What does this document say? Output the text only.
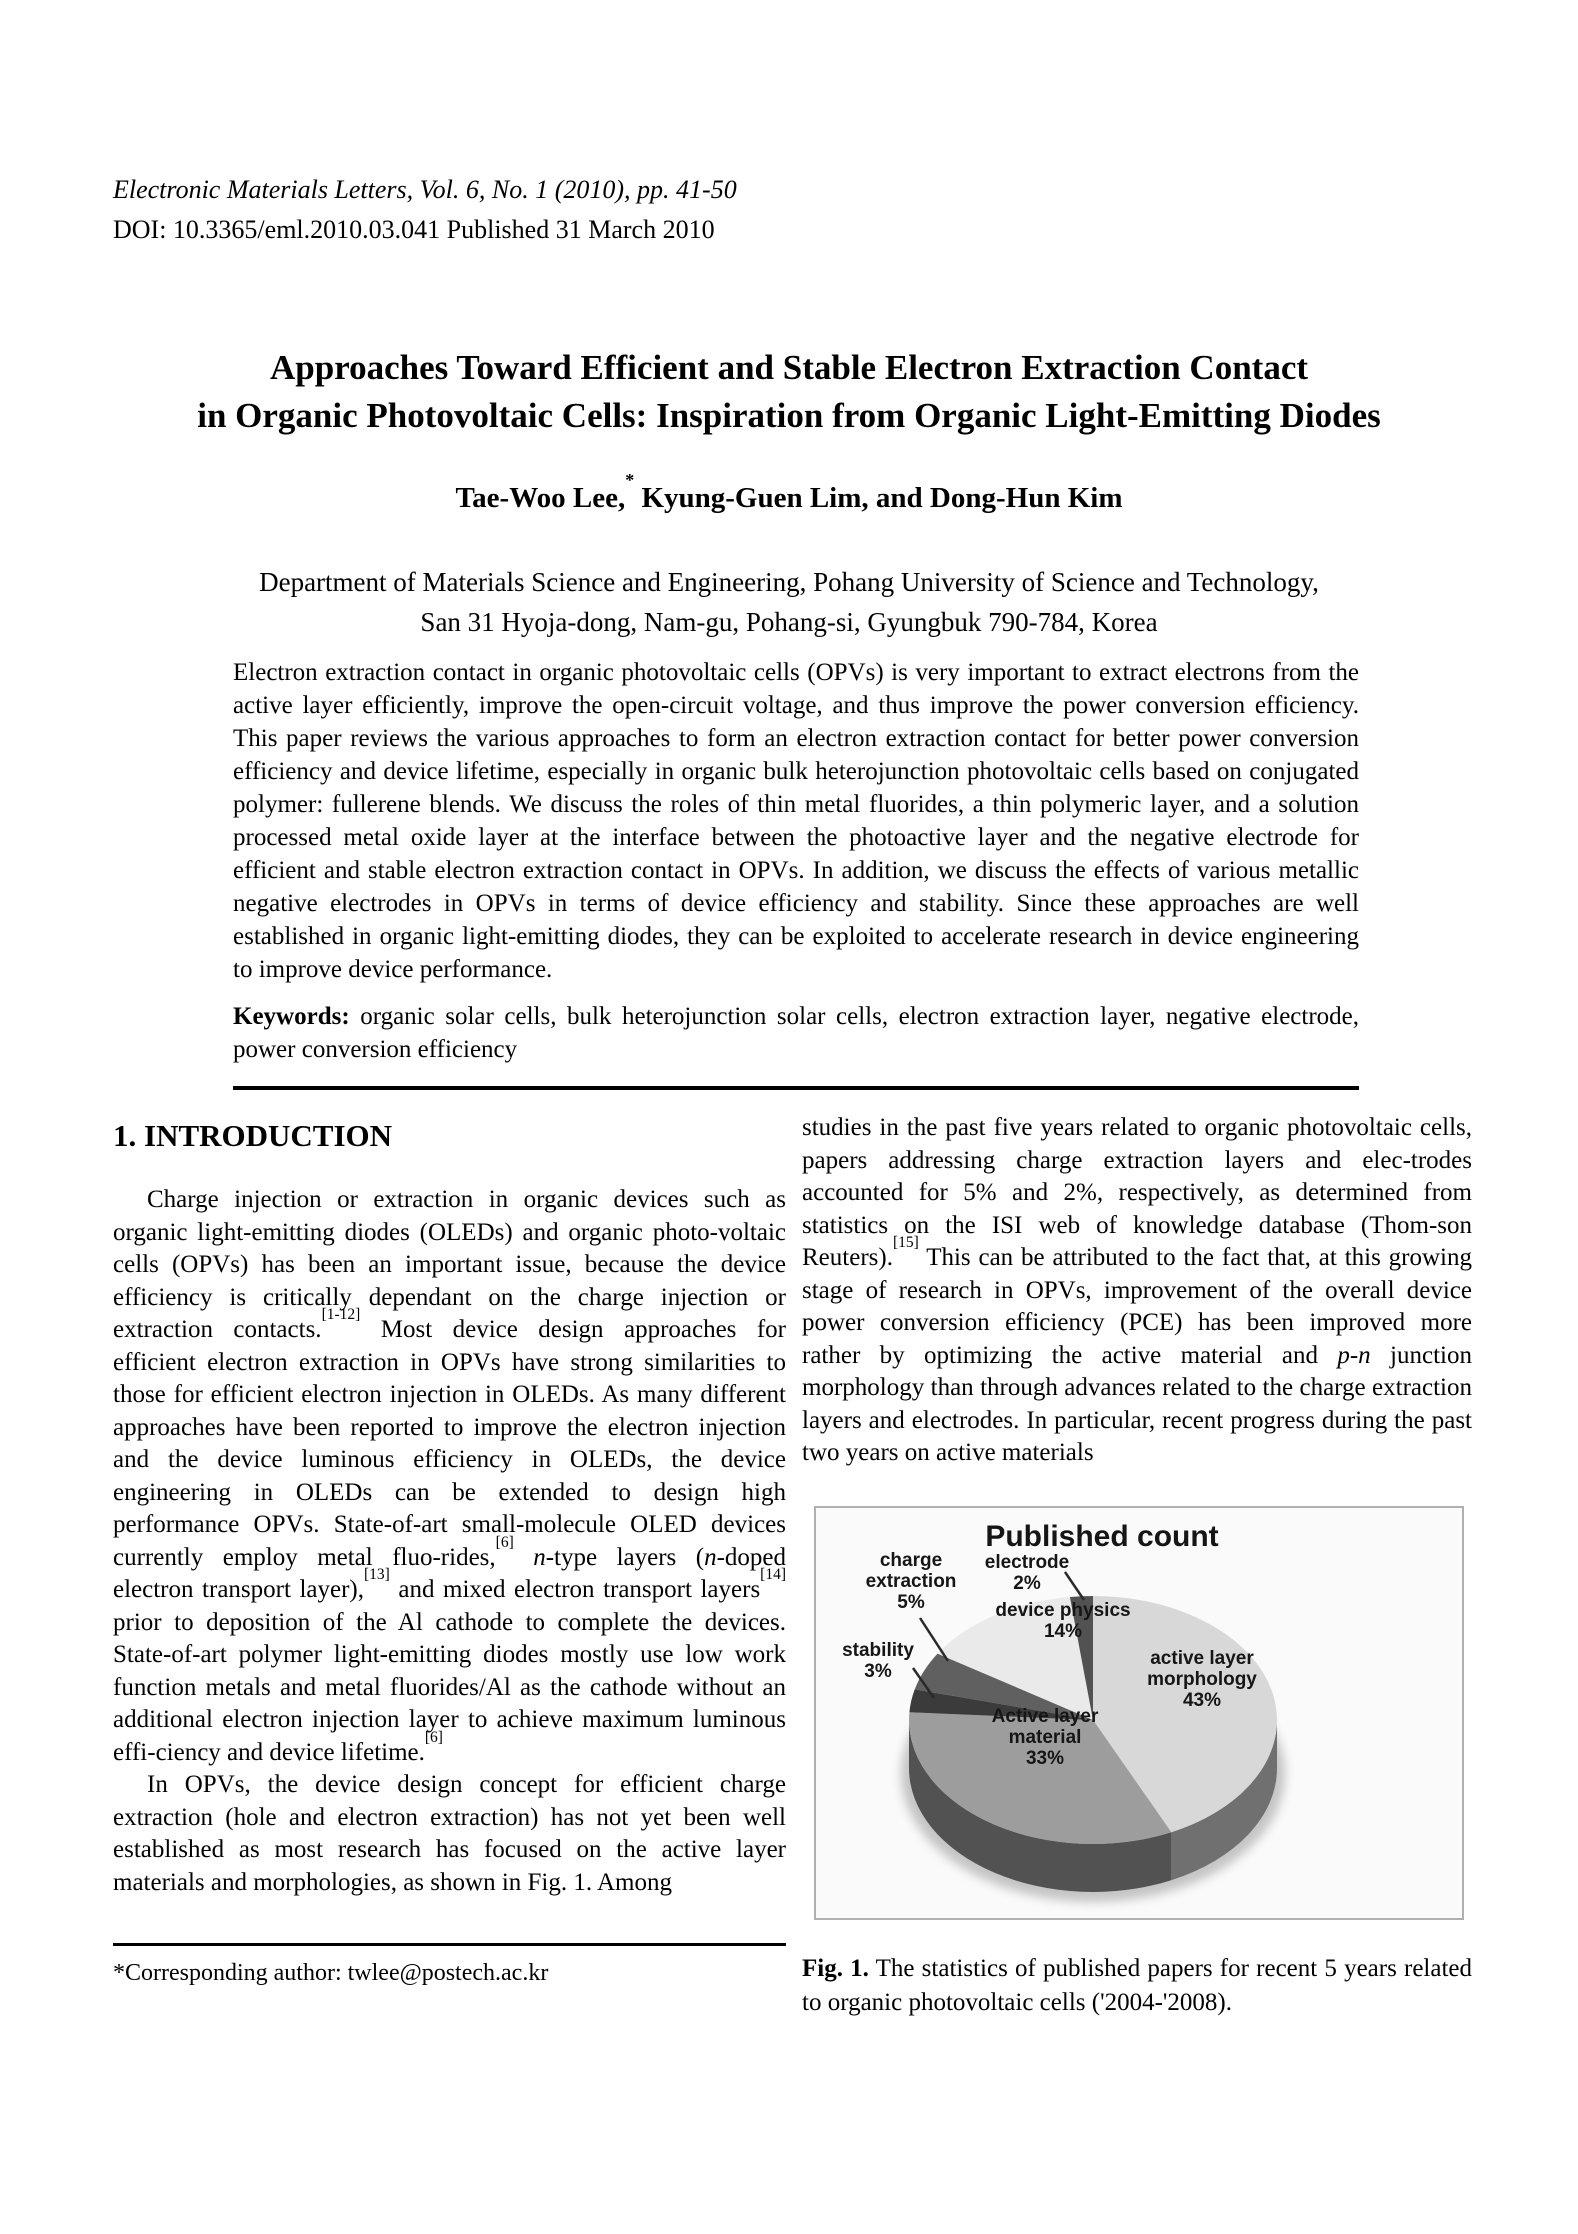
Electronic Materials Letters, Vol. 6, No. 1 (2010), pp. 41-50
DOI: 10.3365/eml.2010.03.041 Published 31 March 2010
Approaches Toward Efficient and Stable Electron Extraction Contact
in Organic Photovoltaic Cells: Inspiration from Organic Light-Emitting Diodes
Tae-Woo Lee,* Kyung-Guen Lim, and Dong-Hun Kim
Department of Materials Science and Engineering, Pohang University of Science and Technology,
San 31 Hyoja-dong, Nam-gu, Pohang-si, Gyungbuk 790-784, Korea

Electron extraction contact in organic photovoltaic cells (OPVs) is very important to extract electrons from the active layer efficiently, improve the open-circuit voltage, and thus improve the power conversion efficiency. This paper reviews the various approaches to form an electron extraction contact for better power conversion efficiency and device lifetime, especially in organic bulk heterojunction photovoltaic cells based on conjugated polymer: fullerene blends. We discuss the roles of thin metal fluorides, a thin polymeric layer, and a solution processed metal oxide layer at the interface between the photoactive layer and the negative electrode for efficient and stable electron extraction contact in OPVs. In addition, we discuss the effects of various metallic negative electrodes in OPVs in terms of device efficiency and stability. Since these approaches are well established in organic light-emitting diodes, they can be exploited to accelerate research in device engineering to improve device performance.

Keywords: organic solar cells, bulk heterojunction solar cells, electron extraction layer, negative electrode, power conversion efficiency

1. INTRODUCTION

Charge injection or extraction in organic devices such as organic light-emitting diodes (OLEDs) and organic photo-voltaic cells (OPVs) has been an important issue, because the device efficiency is critically dependant on the charge injection or extraction contacts.[1-12] Most device design approaches for efficient electron extraction in OPVs have strong similarities to those for efficient electron injection in OLEDs. As many different approaches have been reported to improve the electron injection and the device luminous efficiency in OLEDs, the device engineering in OLEDs can be extended to design high performance OPVs. State-of-art small-molecule OLED devices currently employ metal fluo-rides,[6] n-type layers (n-doped electron transport layer),[13] and mixed electron transport layers[14] prior to deposition of the Al cathode to complete the devices. State-of-art polymer light-emitting diodes mostly use low work function metals and metal fluorides/Al as the cathode without an additional electron injection layer to achieve maximum luminous effi-ciency and device lifetime.[6]

In OPVs, the device design concept for efficient charge extraction (hole and electron extraction) has not yet been well established as most research has focused on the active layer materials and morphologies, as shown in Fig. 1. Among

studies in the past five years related to organic photovoltaic cells, papers addressing charge extraction layers and elec-trodes accounted for 5% and 2%, respectively, as determined from statistics on the ISI web of knowledge database (Thom-son Reuters).[15] This can be attributed to the fact that, at this growing stage of research in OPVs, improvement of the overall device power conversion efficiency (PCE) has been improved more rather by optimizing the active material and p-n junction morphology than through advances related to the charge extraction layers and electrodes. In particular, recent progress during the past two years on active materials

Published count
electrode
2%
charge extraction
5%
stability
3%
device physics
14%
active layer morphology
43%
Active layer material
33%
Fig. 1. The statistics of published papers for recent 5 years related to organic photovoltaic cells ('2004-'2008).
*Corresponding author: twlee@postech.ac.kr
